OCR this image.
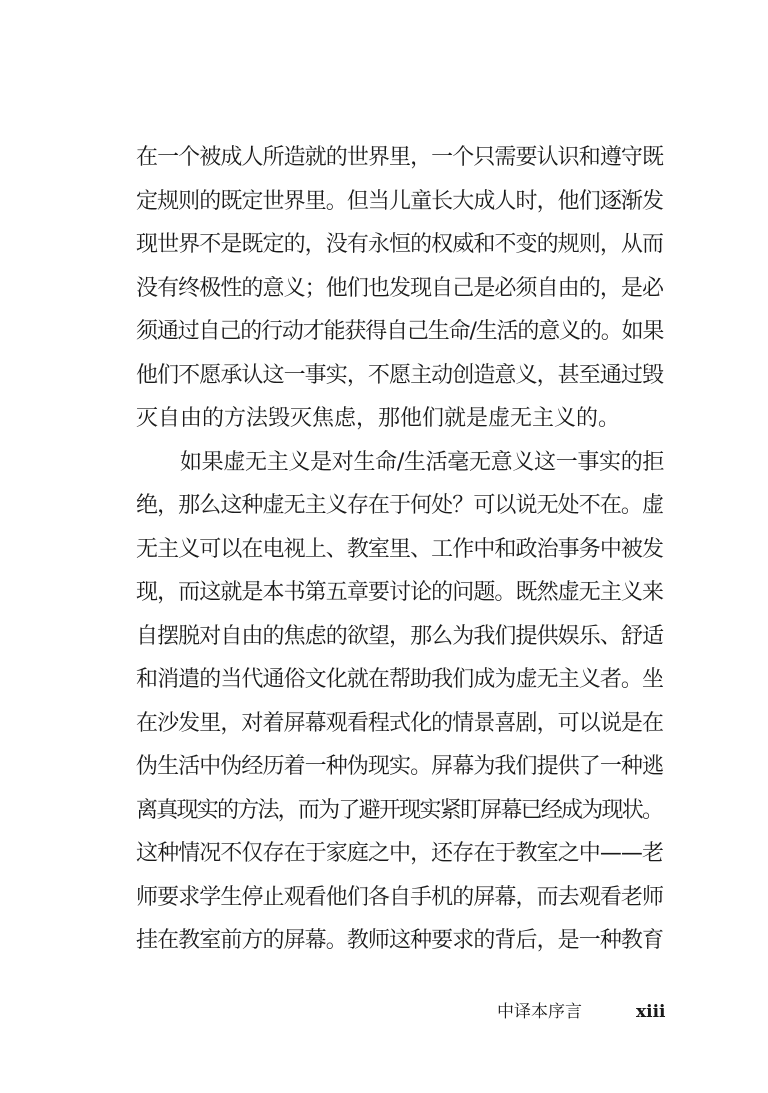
在一个被成人所造就的世界里，一个只需要认识和遵守既
定规则的既定世界里。但当儿童长大成人时，他们逐渐发
现世界不是既定的，没有永恒的权威和不变的规则，从而
没有终极性的意义；他们也发现自己是必须自由的，是必
须通过自己的行动才能获得自己生命/生活的意义的。如果
他们不愿承认这一事实，不愿主动创造意义，甚至通过毁
灭自由的方法毁灭焦虑，那他们就是虚无主义的。
如果虚无主义是对生命/生活毫无意义这一事实的拒
绝，那么这种虚无主义存在于何处？可以说无处不在。虚
无主义可以在电视上、教室里、工作中和政治事务中被发
现，而这就是本书第五章要讨论的问题。既然虚无主义来
自摆脱对自由的焦虑的欲望，那么为我们提供娱乐、舒适
和消遣的当代通俗文化就在帮助我们成为虚无主义者。坐
在沙发里，对着屏幕观看程式化的情景喜剧，可以说是在
伪生活中伪经历着一种伪现实。屏幕为我们提供了一种逃
离真现实的方法，而为了避开现实紧盯屏幕已经成为现状。
这种情况不仅存在于家庭之中，还存在于教室之中——老
师要求学生停止观看他们各自手机的屏幕，而去观看老师
挂在教室前方的屏幕。教师这种要求的背后，是一种教育
中译本序言	xiii
